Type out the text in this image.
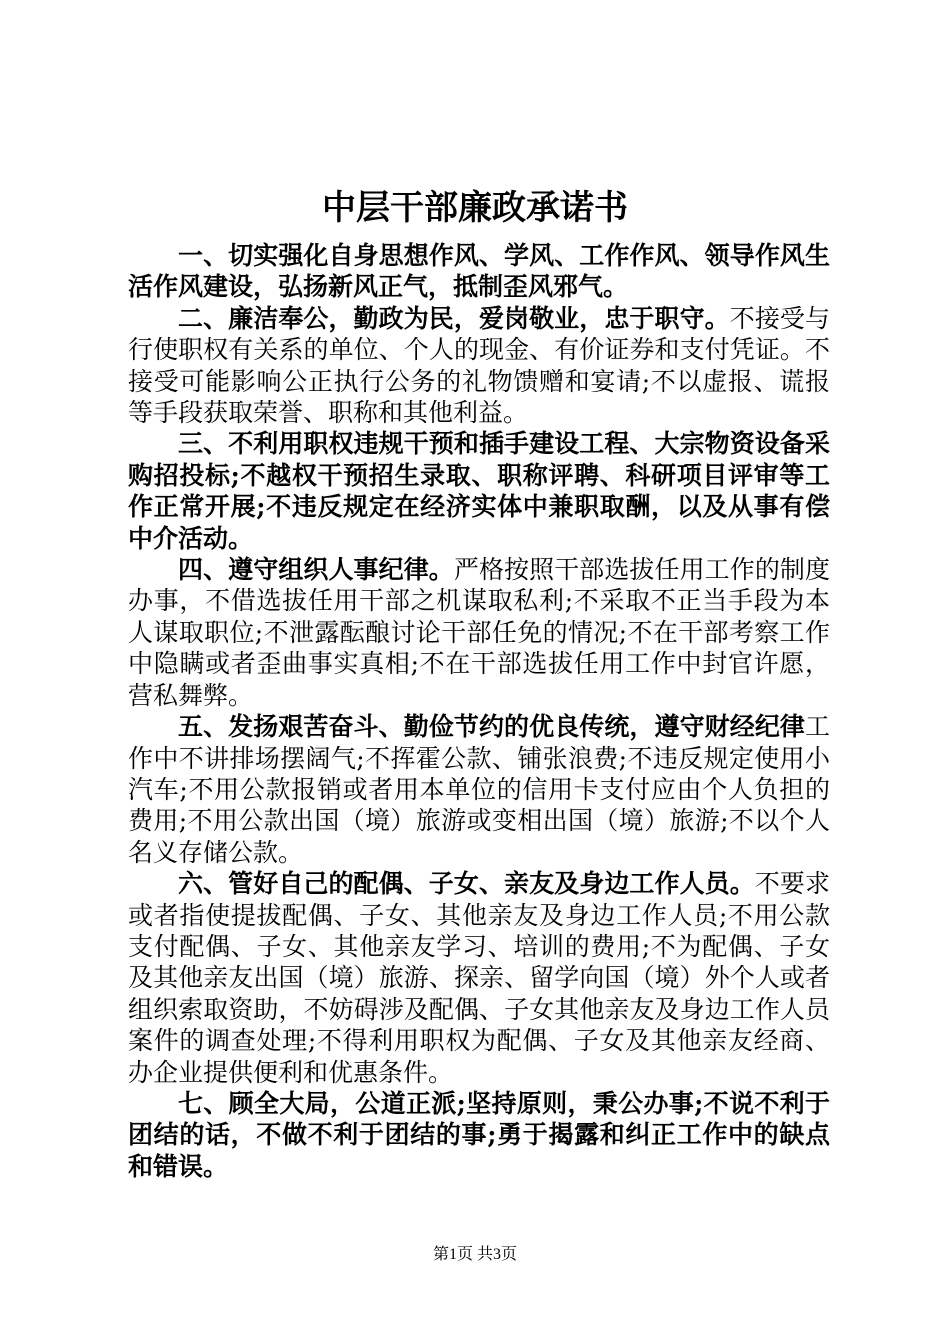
中层干部廉政承诺书

一、切实强化自身思想作风、学风、工作作风、领导作风生活作风建设，弘扬新风正气，抵制歪风邪气。

二、廉洁奉公，勤政为民，爱岗敬业，忠于职守。不接受与行使职权有关系的单位、个人的现金、有价证券和支付凭证。不接受可能影响公正执行公务的礼物馈赠和宴请;不以虚报、谎报等手段获取荣誉、职称和其他利益。

三、不利用职权违规干预和插手建设工程、大宗物资设备采购招投标;不越权干预招生录取、职称评聘、科研项目评审等工作正常开展;不违反规定在经济实体中兼职取酬，以及从事有偿中介活动。

四、遵守组织人事纪律。严格按照干部选拔任用工作的制度办事，不借选拔任用干部之机谋取私利;不采取不正当手段为本人谋取职位;不泄露酝酿讨论干部任免的情况;不在干部考察工作中隐瞒或者歪曲事实真相;不在干部选拔任用工作中封官许愿，营私舞弊。

五、发扬艰苦奋斗、勤俭节约的优良传统，遵守财经纪律工作中不讲排场摆阔气;不挥霍公款、铺张浪费;不违反规定使用小汽车;不用公款报销或者用本单位的信用卡支付应由个人负担的费用;不用公款出国（境）旅游或变相出国（境）旅游;不以个人名义存储公款。

六、管好自己的配偶、子女、亲友及身边工作人员。不要求或者指使提拔配偶、子女、其他亲友及身边工作人员;不用公款支付配偶、子女、其他亲友学习、培训的费用;不为配偶、子女及其他亲友出国（境）旅游、探亲、留学向国（境）外个人或者组织索取资助，不妨碍涉及配偶、子女其他亲友及身边工作人员案件的调查处理;不得利用职权为配偶、子女及其他亲友经商、办企业提供便利和优惠条件。

七、顾全大局，公道正派;坚持原则，秉公办事;不说不利于团结的话，不做不利于团结的事;勇于揭露和纠正工作中的缺点和错误。

第1页 共3页
